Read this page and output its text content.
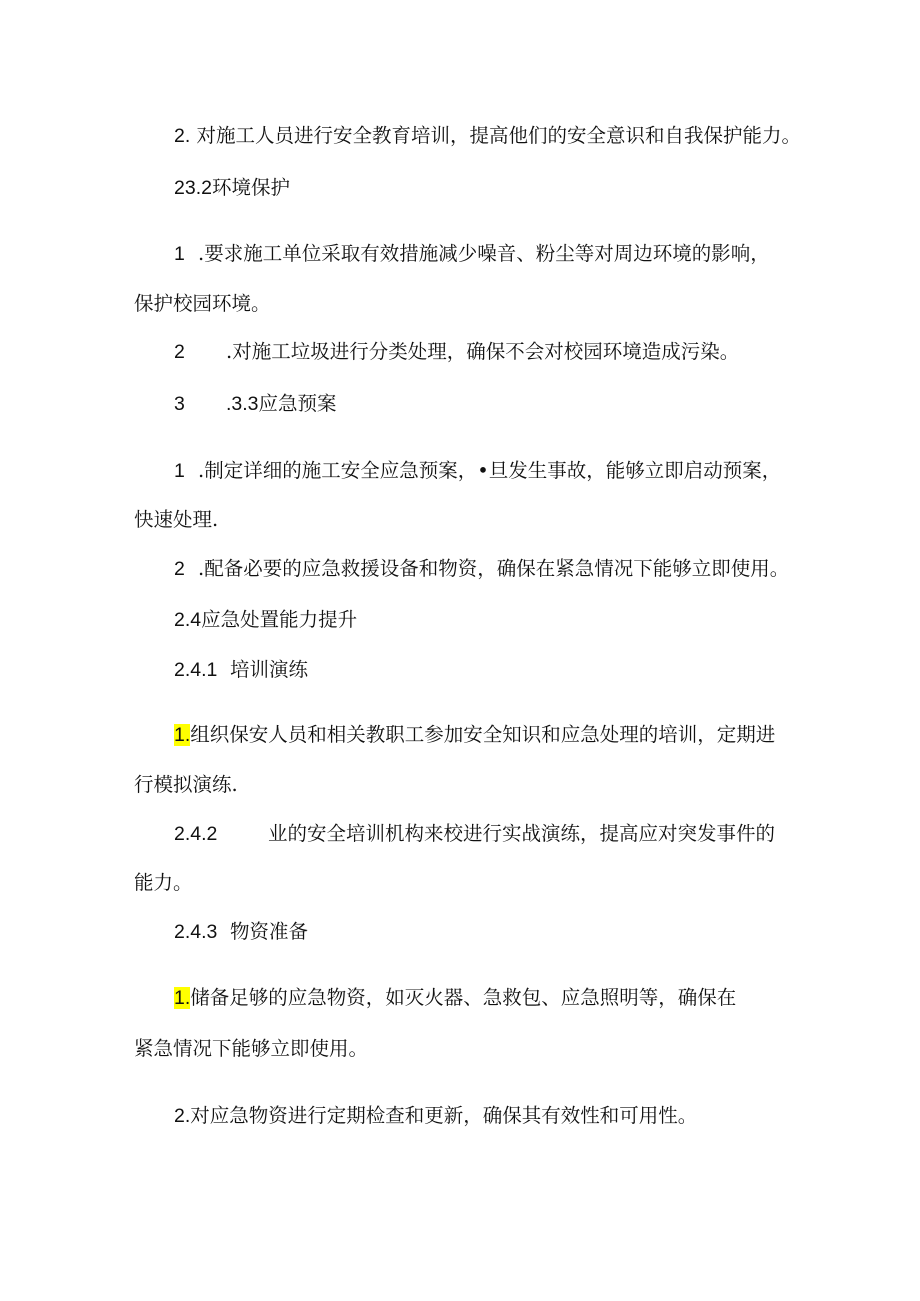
2. 对施工人员进行安全教育培训，提高他们的安全意识和自我保护能力。
23.2环境保护
1 .要求施工单位采取有效措施减少噪音、粉尘等对周边环境的影响，
保护校园环境。
2 .对施工垃圾进行分类处理，确保不会对校园环境造成污染。
3 .3.3应急预案
1 .制定详细的施工安全应急预案，•旦发生事故，能够立即启动预案，
快速处理.
2 .配备必要的应急救援设备和物资，确保在紧急情况下能够立即使用。
2.4应急处置能力提升
2.4.1 培训演练
1.组织保安人员和相关教职工参加安全知识和应急处理的培训，定期进
行模拟演练.
2.4.2	业的安全培训机构来校进行实战演练，提高应对突发事件的
能力。
2.4.3 物资准备
1.储备足够的应急物资，如灭火器、急救包、应急照明等，确保在
紧急情况下能够立即使用。
2.对应急物资进行定期检查和更新，确保其有效性和可用性。
